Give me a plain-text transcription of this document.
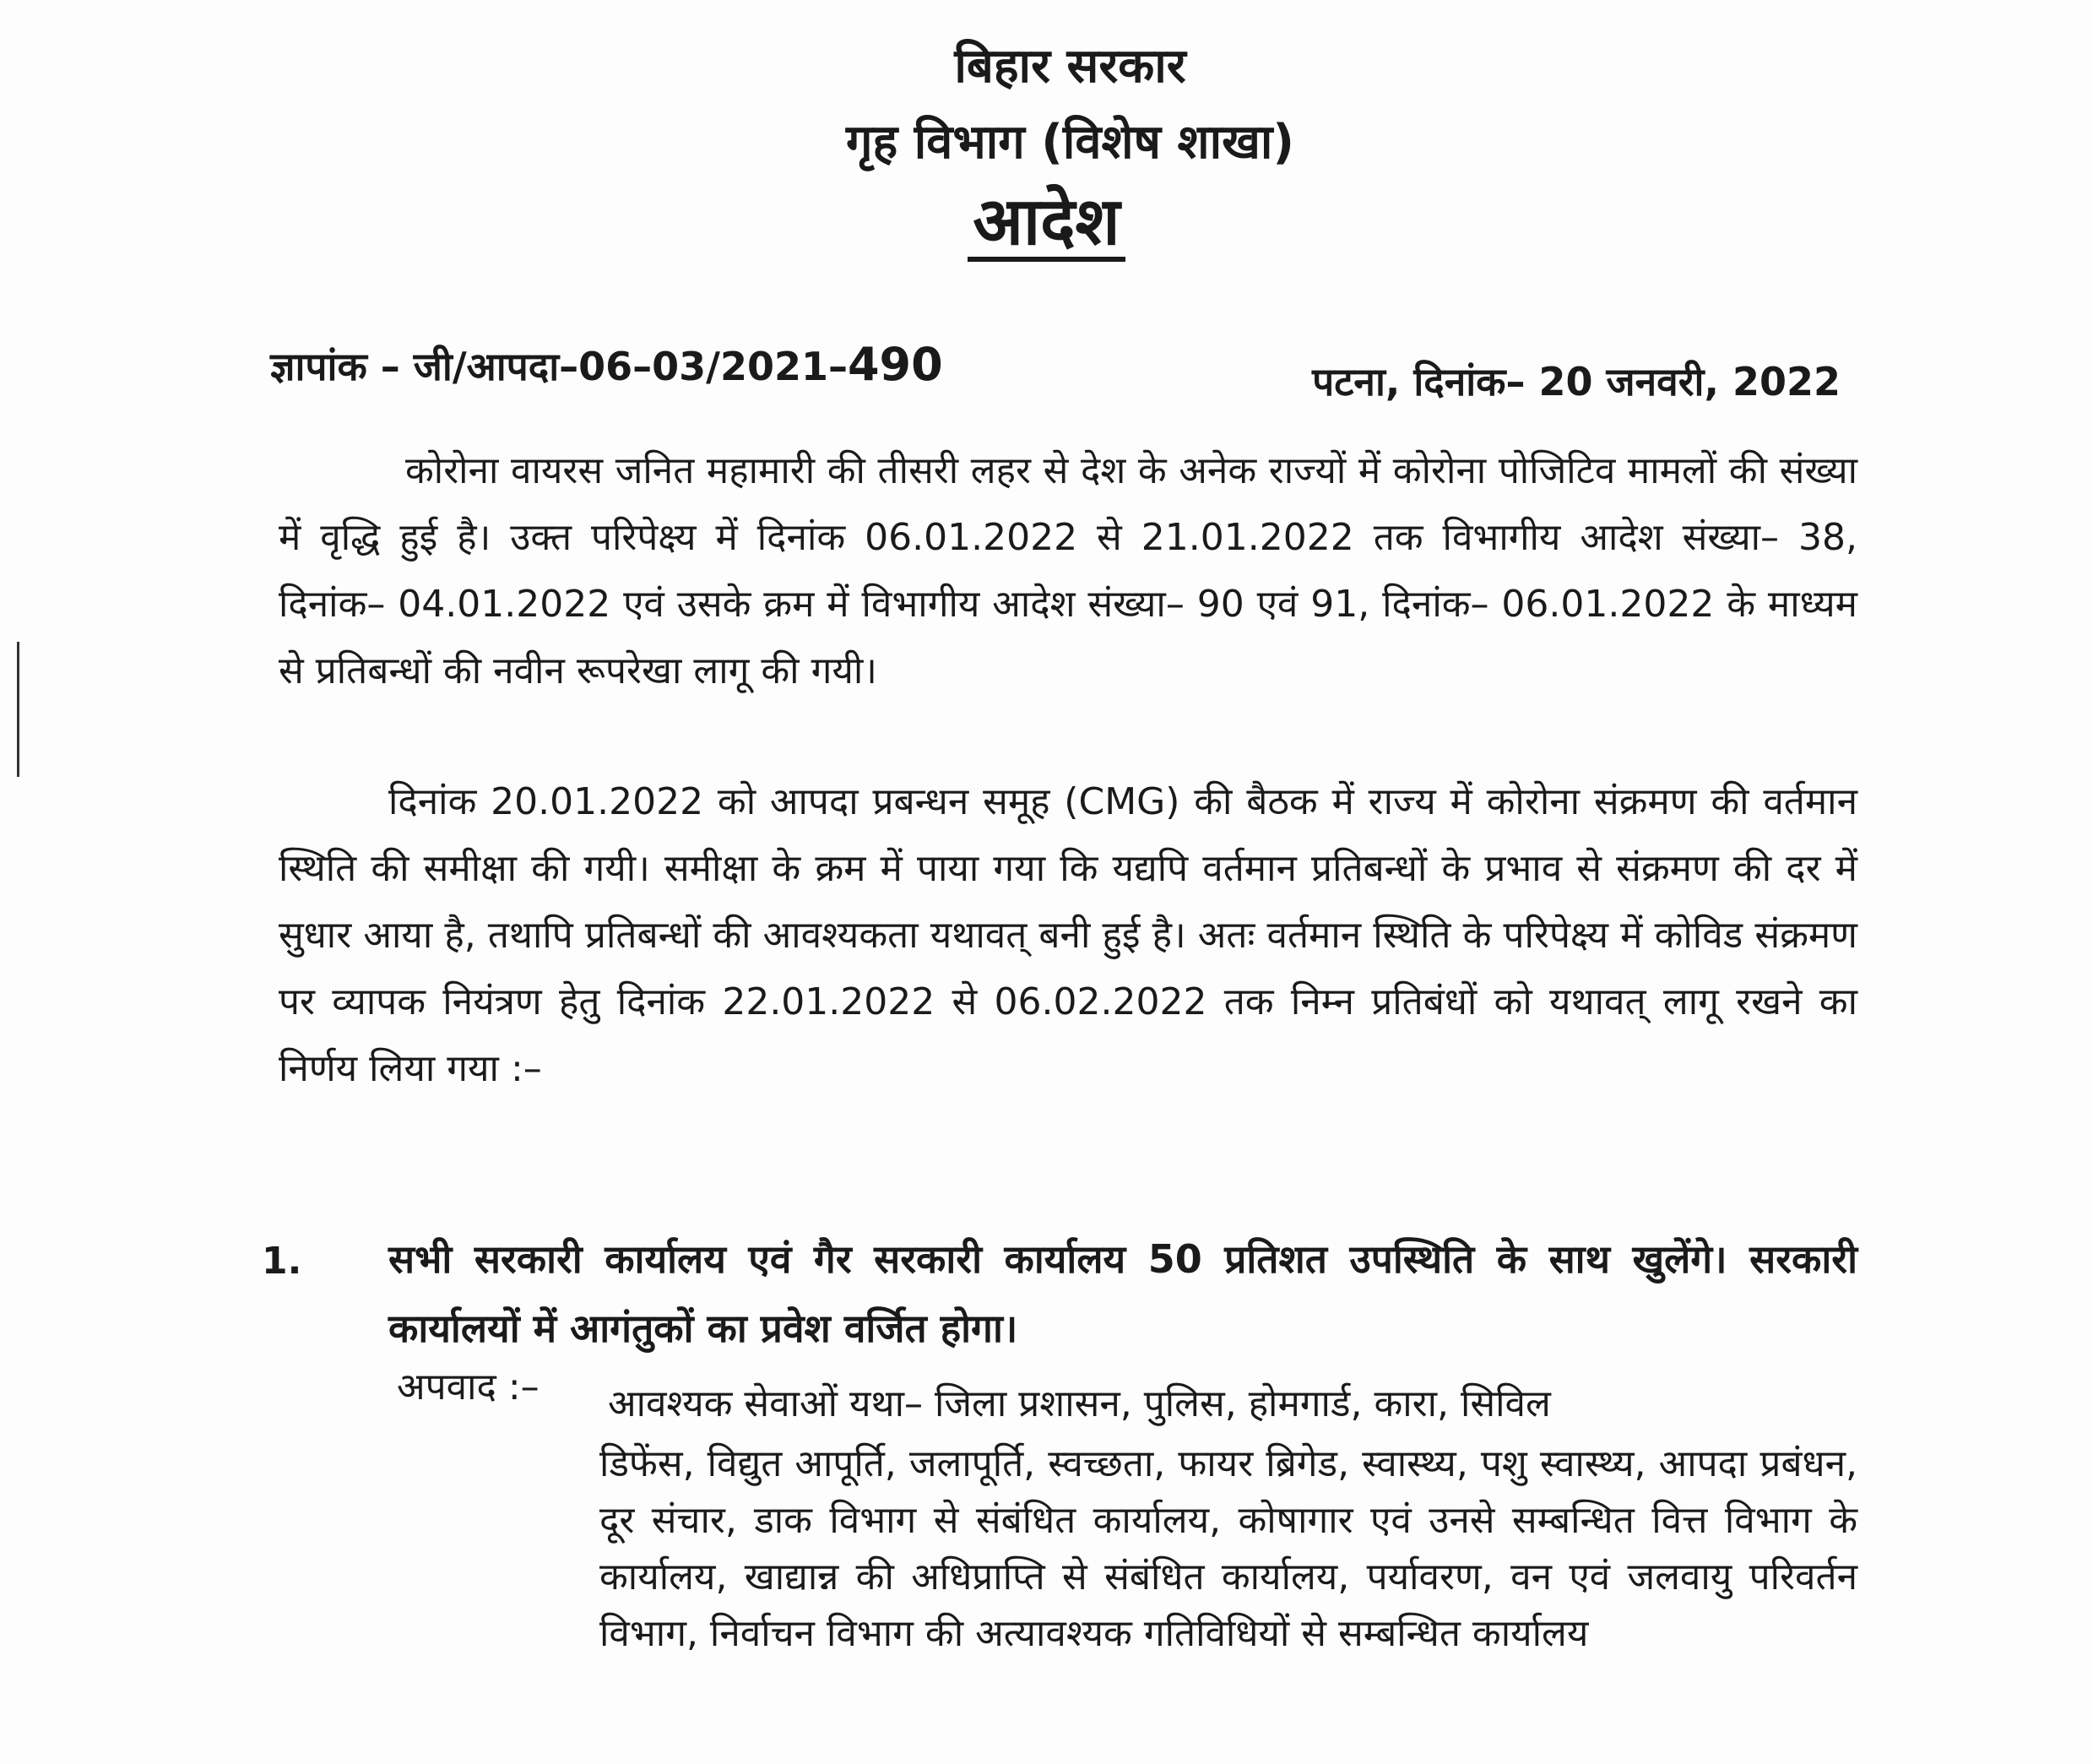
बिहार सरकार
गृह विभाग (विशेष शाखा)
आदेश
ज्ञापांक – जी/आपदा–06–03/2021–490	पटना, दिनांक– 20 जनवरी, 2022
कोरोना वायरस जनित महामारी की तीसरी लहर से देश के अनेक राज्यों में कोरोना पोजिटिव मामलों की संख्या में वृद्धि हुई है। उक्त परिपेक्ष्य में दिनांक 06.01.2022 से 21.01.2022 तक विभागीय आदेश संख्या– 38, दिनांक– 04.01.2022 एवं उसके क्रम में विभागीय आदेश संख्या– 90 एवं 91, दिनांक– 06.01.2022 के माध्यम से प्रतिबन्धों की नवीन रूपरेखा लागू की गयी।
दिनांक 20.01.2022 को आपदा प्रबन्धन समूह (CMG) की बैठक में राज्य में कोरोना संक्रमण की वर्तमान स्थिति की समीक्षा की गयी। समीक्षा के क्रम में पाया गया कि यद्यपि वर्तमान प्रतिबन्धों के प्रभाव से संक्रमण की दर में सुधार आया है, तथापि प्रतिबन्धों की आवश्यकता यथावत् बनी हुई है। अतः वर्तमान स्थिति के परिपेक्ष्य में कोविड संक्रमण पर व्यापक नियंत्रण हेतु दिनांक 22.01.2022 से 06.02.2022 तक निम्न प्रतिबंधों को यथावत् लागू रखने का निर्णय लिया गया :–
1. सभी सरकारी कार्यालय एवं गैर सरकारी कार्यालय 50 प्रतिशत उपस्थिति के साथ खुलेंगे। सरकारी कार्यालयों में आगंतुकों का प्रवेश वर्जित होगा।
अपवाद :– आवश्यक सेवाओं यथा– जिला प्रशासन, पुलिस, होमगार्ड, कारा, सिविल
डिफेंस, विद्युत आपूर्ति, जलापूर्ति, स्वच्छता, फायर ब्रिगेड, स्वास्थ्य, पशु स्वास्थ्य, आपदा प्रबंधन, दूर संचार, डाक विभाग से संबंधित कार्यालय, कोषागार एवं उनसे सम्बन्धित वित्त विभाग के कार्यालय, खाद्यान्न की अधिप्राप्ति से संबंधित कार्यालय, पर्यावरण, वन एवं जलवायु परिवर्तन विभाग, निर्वाचन विभाग की अत्यावश्यक गतिविधियों से सम्बन्धित कार्यालय
